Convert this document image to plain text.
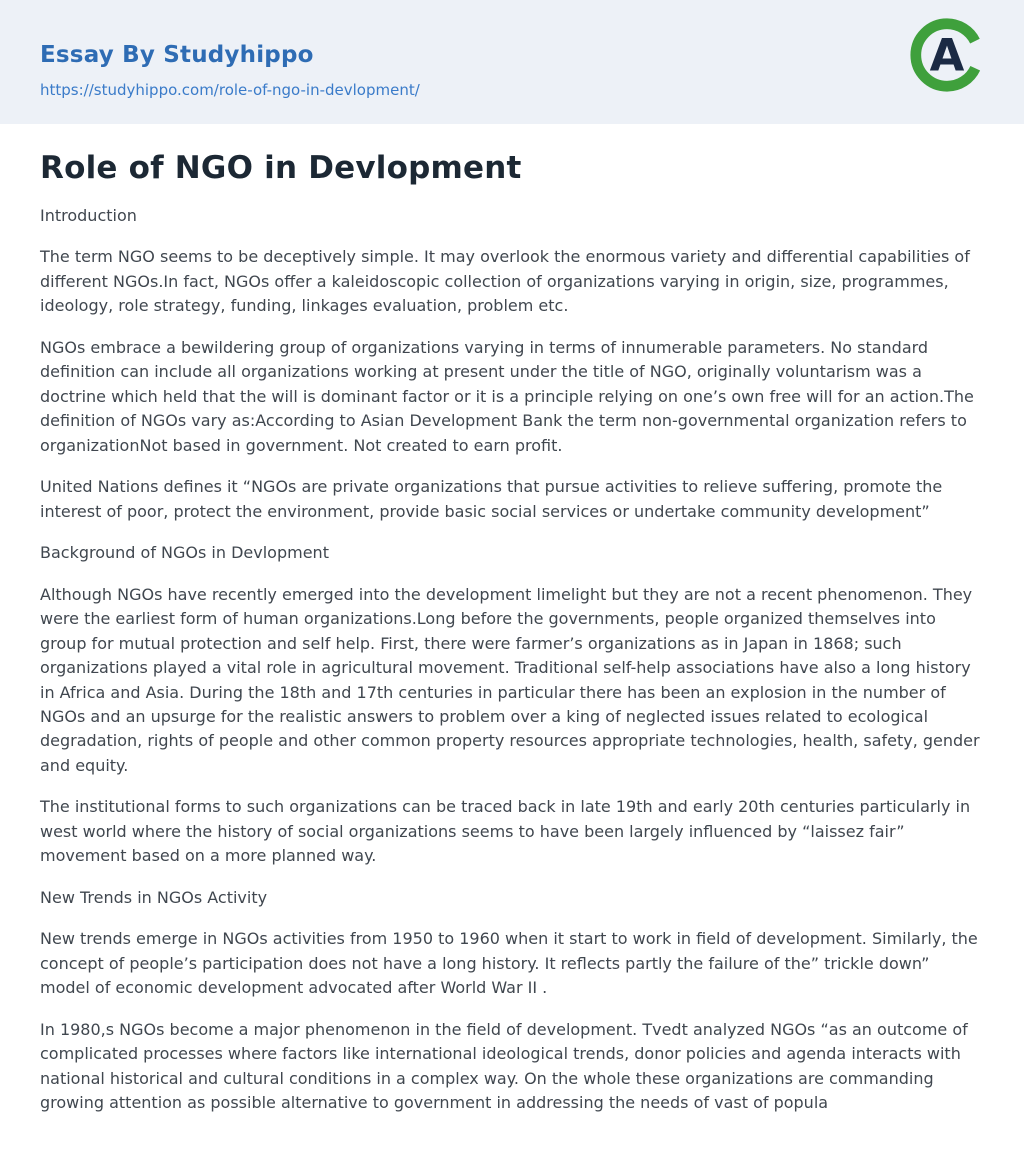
Essay By Studyhippo
https://studyhippo.com/role-of-ngo-in-devlopment/
A
Role of NGO in Devlopment

Introduction

The term NGO seems to be deceptively simple. It may overlook the enormous variety and differential capabilities of different NGOs.In fact, NGOs offer a kaleidoscopic collection of organizations varying in origin, size, programmes, ideology, role strategy, funding, linkages evaluation, problem etc.

NGOs embrace a bewildering group of organizations varying in terms of innumerable parameters. No standard definition can include all organizations working at present under the title of NGO, originally voluntarism was a doctrine which held that the will is dominant factor or it is a principle relying on one’s own free will for an action.The definition of NGOs vary as:According to Asian Development Bank the term non-governmental organization refers to organizationNot based in government. Not created to earn profit.

United Nations defines it “NGOs are private organizations that pursue activities to relieve suffering, promote the interest of poor, protect the environment, provide basic social services or undertake community development”

Background of NGOs in Devlopment

Although NGOs have recently emerged into the development limelight but they are not a recent phenomenon. They were the earliest form of human organizations.Long before the governments, people organized themselves into group for mutual protection and self help. First, there were farmer’s organizations as in Japan in 1868; such organizations played a vital role in agricultural movement. Traditional self-help associations have also a long history in Africa and Asia. During the 18th and 17th centuries in particular there has been an explosion in the number of NGOs and an upsurge for the realistic answers to problem over a king of neglected issues related to ecological degradation, rights of people and other common property resources appropriate technologies, health, safety, gender and equity.

The institutional forms to such organizations can be traced back in late 19th and early 20th centuries particularly in west world where the history of social organizations seems to have been largely influenced by “laissez fair” movement based on a more planned way.

New Trends in NGOs Activity

New trends emerge in NGOs activities from 1950 to 1960 when it start to work in field of development. Similarly, the concept of people’s participation does not have a long history. It reflects partly the failure of the” trickle down” model of economic development advocated after World War II .

In 1980,s NGOs become a major phenomenon in the field of development. Tvedt analyzed NGOs “as an outcome of complicated processes where factors like international ideological trends, donor policies and agenda interacts with national historical and cultural conditions in a complex way. On the whole these organizations are commanding growing attention as possible alternative to government in addressing the needs of vast of popula
